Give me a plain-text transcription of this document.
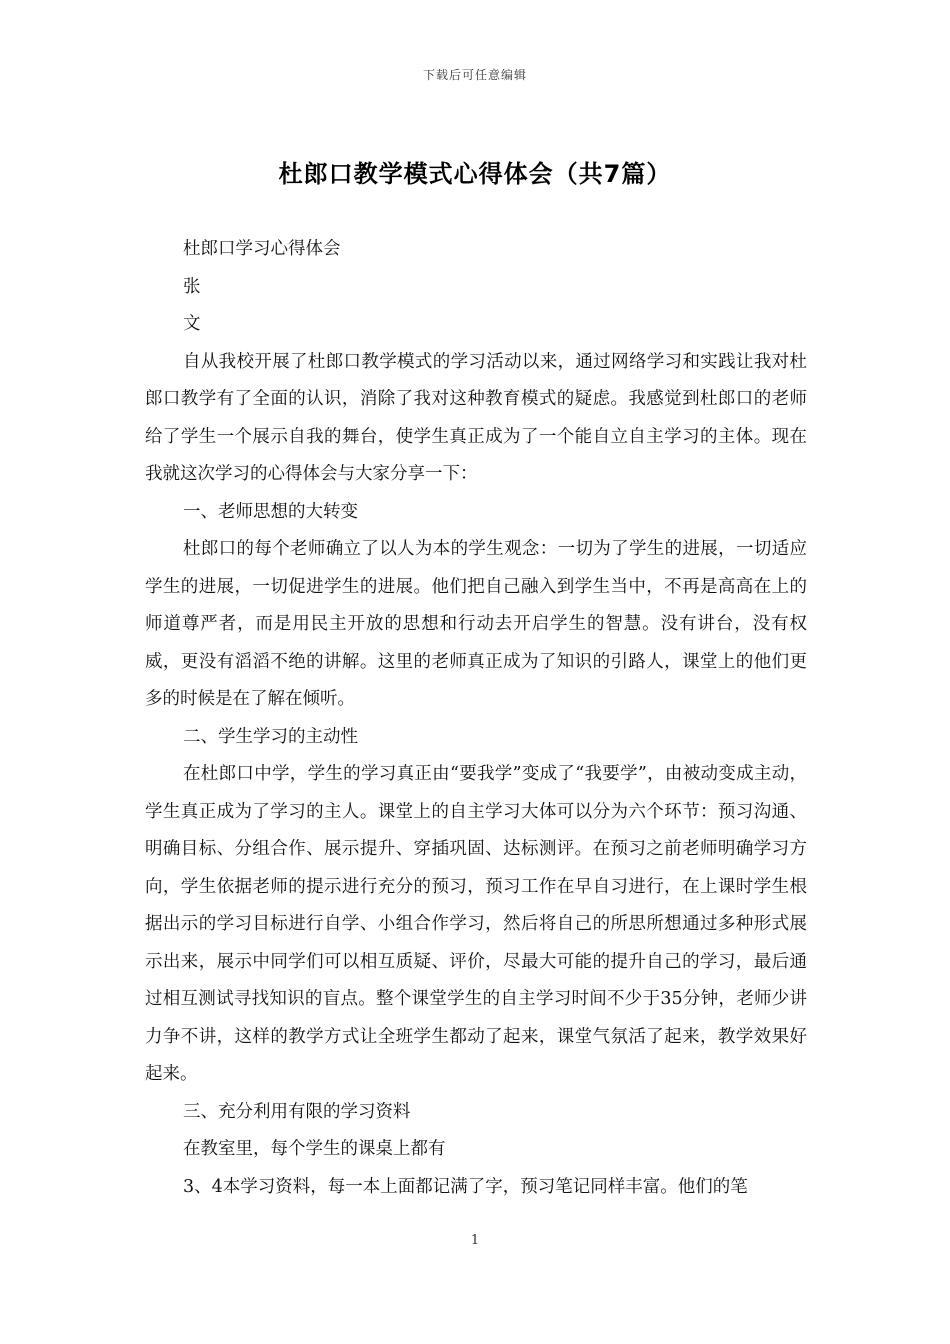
下载后可任意编辑
杜郎口教学模式心得体会（共7篇）

杜郎口学习心得体会

张

文

自从我校开展了杜郎口教学模式的学习活动以来，通过网络学习和实践让我对杜郎口教学有了全面的认识，消除了我对这种教育模式的疑虑。我感觉到杜郎口的老师给了学生一个展示自我的舞台，使学生真正成为了一个能自立自主学习的主体。现在我就这次学习的心得体会与大家分享一下：

一、老师思想的大转变

杜郎口的每个老师确立了以人为本的学生观念：一切为了学生的进展，一切适应学生的进展，一切促进学生的进展。他们把自己融入到学生当中，不再是高高在上的师道尊严者，而是用民主开放的思想和行动去开启学生的智慧。没有讲台，没有权威，更没有滔滔不绝的讲解。这里的老师真正成为了知识的引路人，课堂上的他们更多的时候是在了解在倾听。

二、学生学习的主动性

在杜郎口中学，学生的学习真正由“要我学”变成了“我要学”，由被动变成主动，学生真正成为了学习的主人。课堂上的自主学习大体可以分为六个环节：预习沟通、明确目标、分组合作、展示提升、穿插巩固、达标测评。在预习之前老师明确学习方向，学生依据老师的提示进行充分的预习，预习工作在早自习进行，在上课时学生根据出示的学习目标进行自学、小组合作学习，然后将自己的所思所想通过多种形式展示出来，展示中同学们可以相互质疑、评价，尽最大可能的提升自己的学习，最后通过相互测试寻找知识的盲点。整个课堂学生的自主学习时间不少于35分钟，老师少讲力争不讲，这样的教学方式让全班学生都动了起来，课堂气氛活了起来，教学效果好起来。

三、充分利用有限的学习资料

在教室里，每个学生的课桌上都有

3、4本学习资料，每一本上面都记满了字，预习笔记同样丰富。他们的笔

1
